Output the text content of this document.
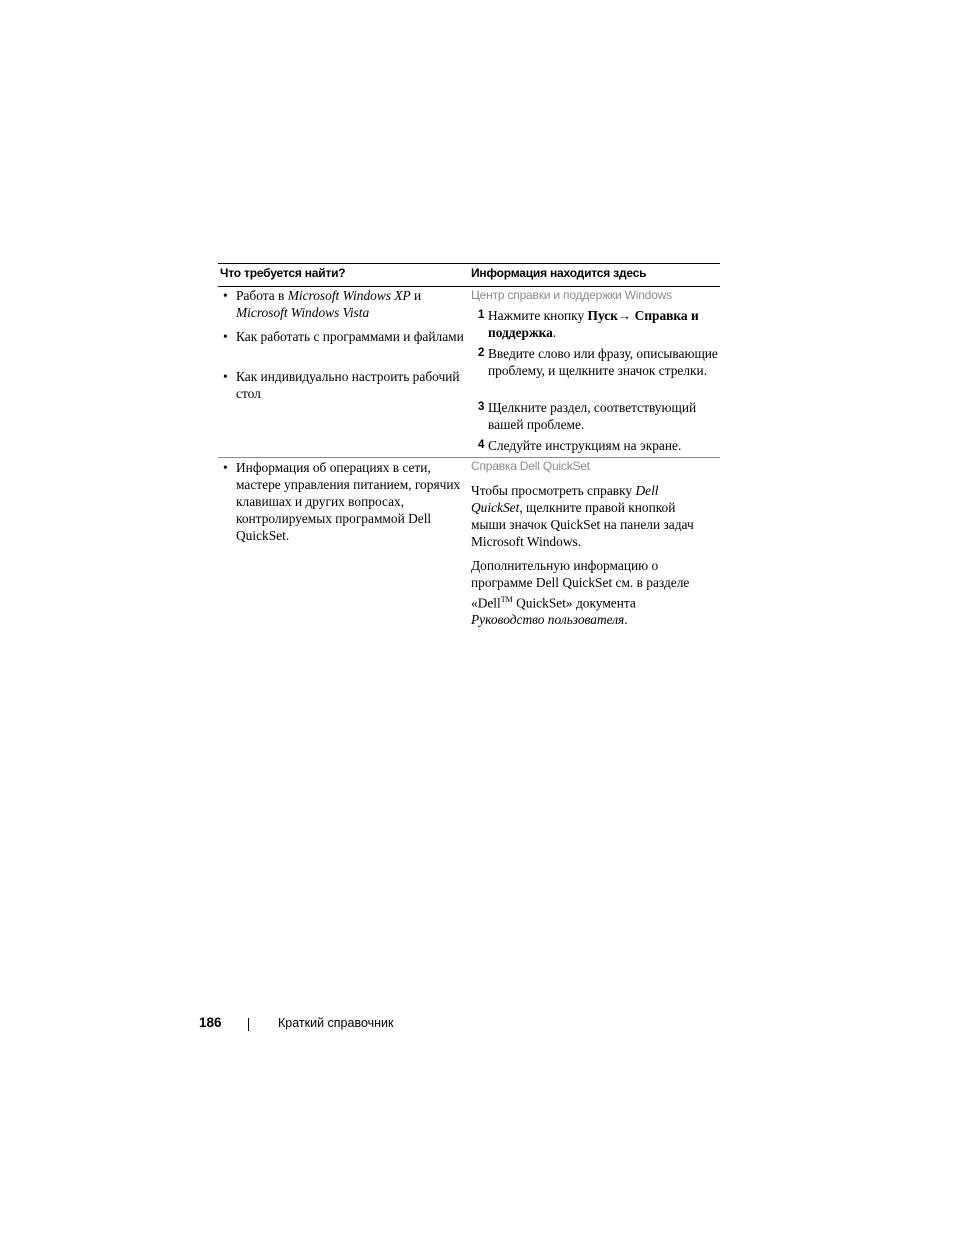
Что требуется найти?	Информация находится здесь
• Работа в Microsoft Windows XP и Microsoft Windows Vista
• Как работать с программами и файлами
• Как индивидуально настроить рабочий стол
Центр справки и поддержки Windows
1 Нажмите кнопку Пуск→ Справка и поддержка.
2 Введите слово или фразу, описывающие проблему, и щелкните значок стрелки.
3 Щелкните раздел, соответствующий вашей проблеме.
4 Следуйте инструкциям на экране.
• Информация об операциях в сети, мастере управления питанием, горячих клавишах и других вопросах, контролируемых программой Dell QuickSet.
Справка Dell QuickSet
Чтобы просмотреть справку Dell QuickSet, щелкните правой кнопкой мыши значок QuickSet на панели задач Microsoft Windows.
Дополнительную информацию о программе Dell QuickSet см. в разделе «Dell™ QuickSet» документа Руководство пользователя.
186	Краткий справочник
